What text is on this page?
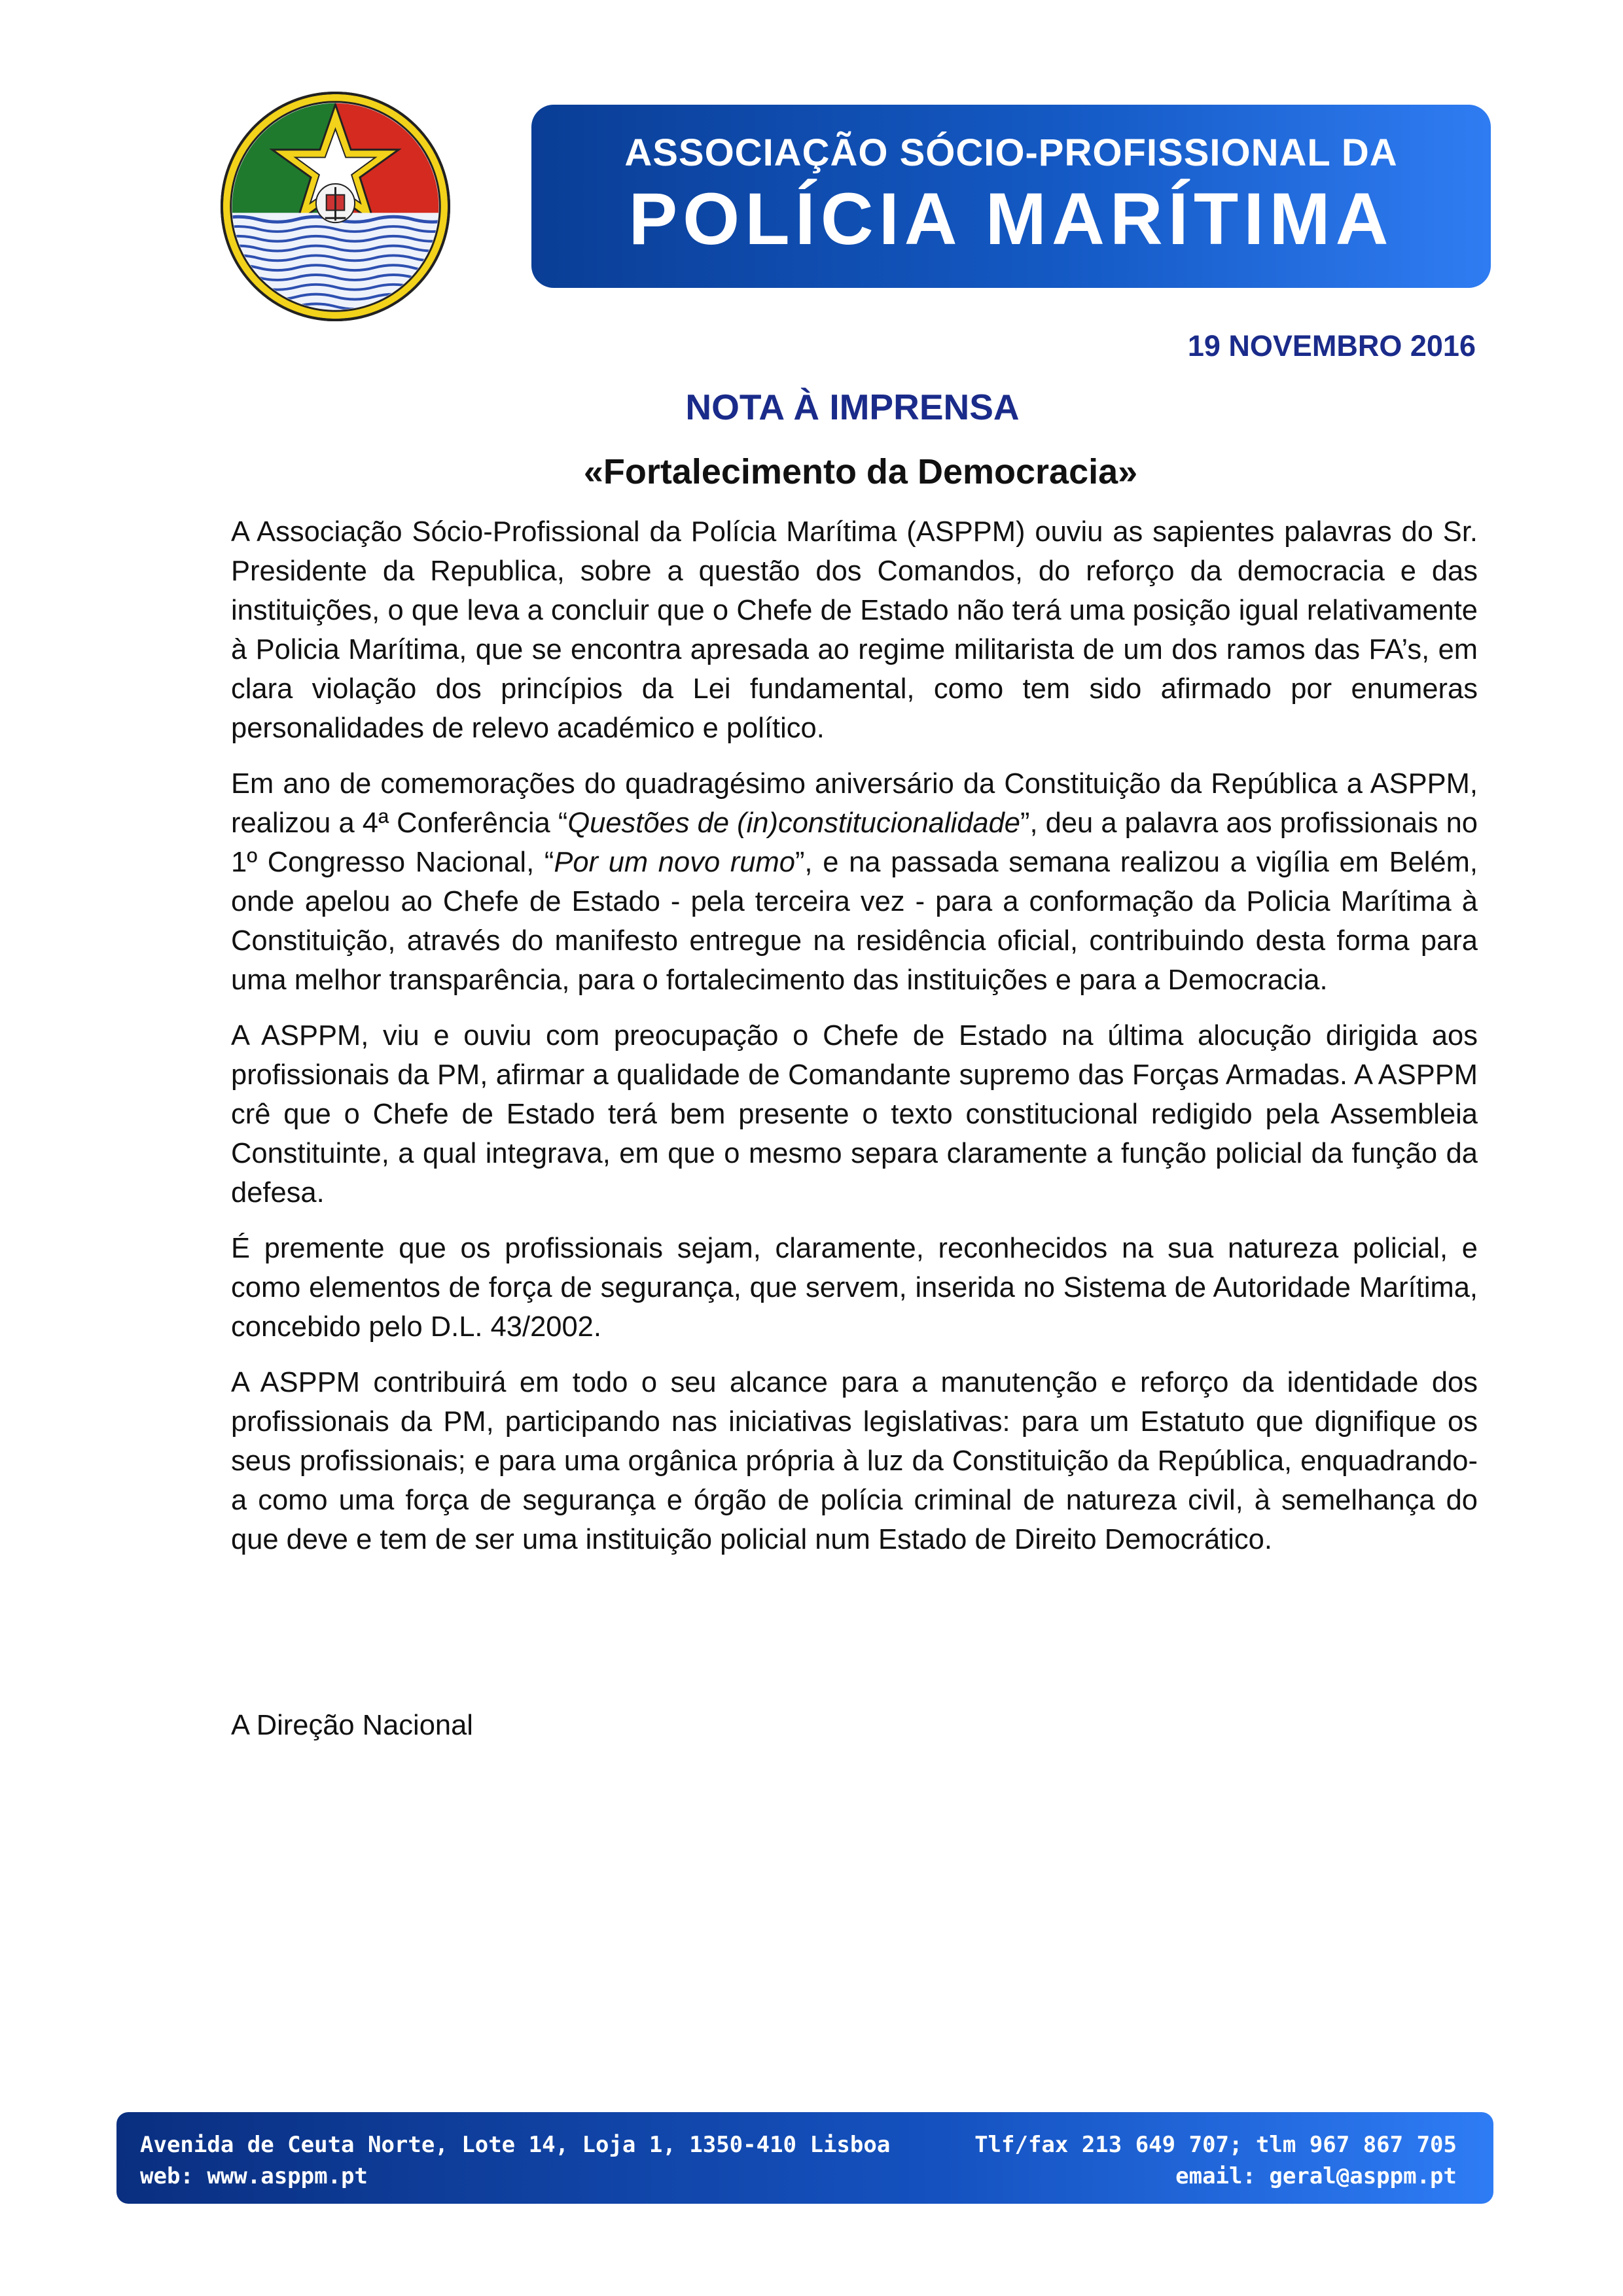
ASSOCIAÇÃO SÓCIO-PROFISSIONAL DA
POLÍCIA MARÍTIMA
19 NOVEMBRO 2016
NOTA À IMPRENSA
«Fortalecimento da Democracia»

A Associação Sócio-Profissional da Polícia Marítima (ASPPM) ouviu as sapientes palavras do Sr. Presidente da Republica, sobre a questão dos Comandos, do reforço da democracia e das instituições, o que leva a concluir que o Chefe de Estado não terá uma posição igual relativamente à Policia Marítima, que se encontra apresada ao regime militarista de um dos ramos das FA’s, em clara violação dos princípios da Lei fundamental, como tem sido afirmado por enumeras personalidades de relevo académico e político.

Em ano de comemorações do quadragésimo aniversário da Constituição da República a ASPPM, realizou a 4ª Conferência “Questões de (in)constitucionalidade”, deu a palavra aos profissionais no 1º Congresso Nacional, “Por um novo rumo”, e na passada semana realizou a vigília em Belém, onde apelou ao Chefe de Estado - pela terceira vez - para a conformação da Policia Marítima à Constituição, através do manifesto entregue na residência oficial, contribuindo desta forma para uma melhor transparência, para o fortalecimento das instituições e para a Democracia.

A ASPPM, viu e ouviu com preocupação o Chefe de Estado na última alocução dirigida aos profissionais da PM, afirmar a qualidade de Comandante supremo das Forças Armadas. A ASPPM crê que o Chefe de Estado terá bem presente o texto constitucional redigido pela Assembleia Constituinte, a qual integrava, em que o mesmo separa claramente a função policial da função da defesa.

É premente que os profissionais sejam, claramente, reconhecidos na sua natureza policial, e como elementos de força de segurança, que servem, inserida no Sistema de Autoridade Marítima, concebido pelo D.L. 43/2002.

A ASPPM contribuirá em todo o seu alcance para a manutenção e reforço da identidade dos profissionais da PM, participando nas iniciativas legislativas: para um Estatuto que dignifique os seus profissionais; e para uma orgânica própria à luz da Constituição da República, enquadrando-a como uma força de segurança e órgão de polícia criminal de natureza civil, à semelhança do que deve e tem de ser uma instituição policial num Estado de Direito Democrático.

A Direção Nacional
Avenida de Ceuta Norte, Lote 14, Loja 1, 1350-410 Lisboa	Tlf/fax 213 649 707; tlm 967 867 705
web: www.asppm.pt	email: geral@asppm.pt
